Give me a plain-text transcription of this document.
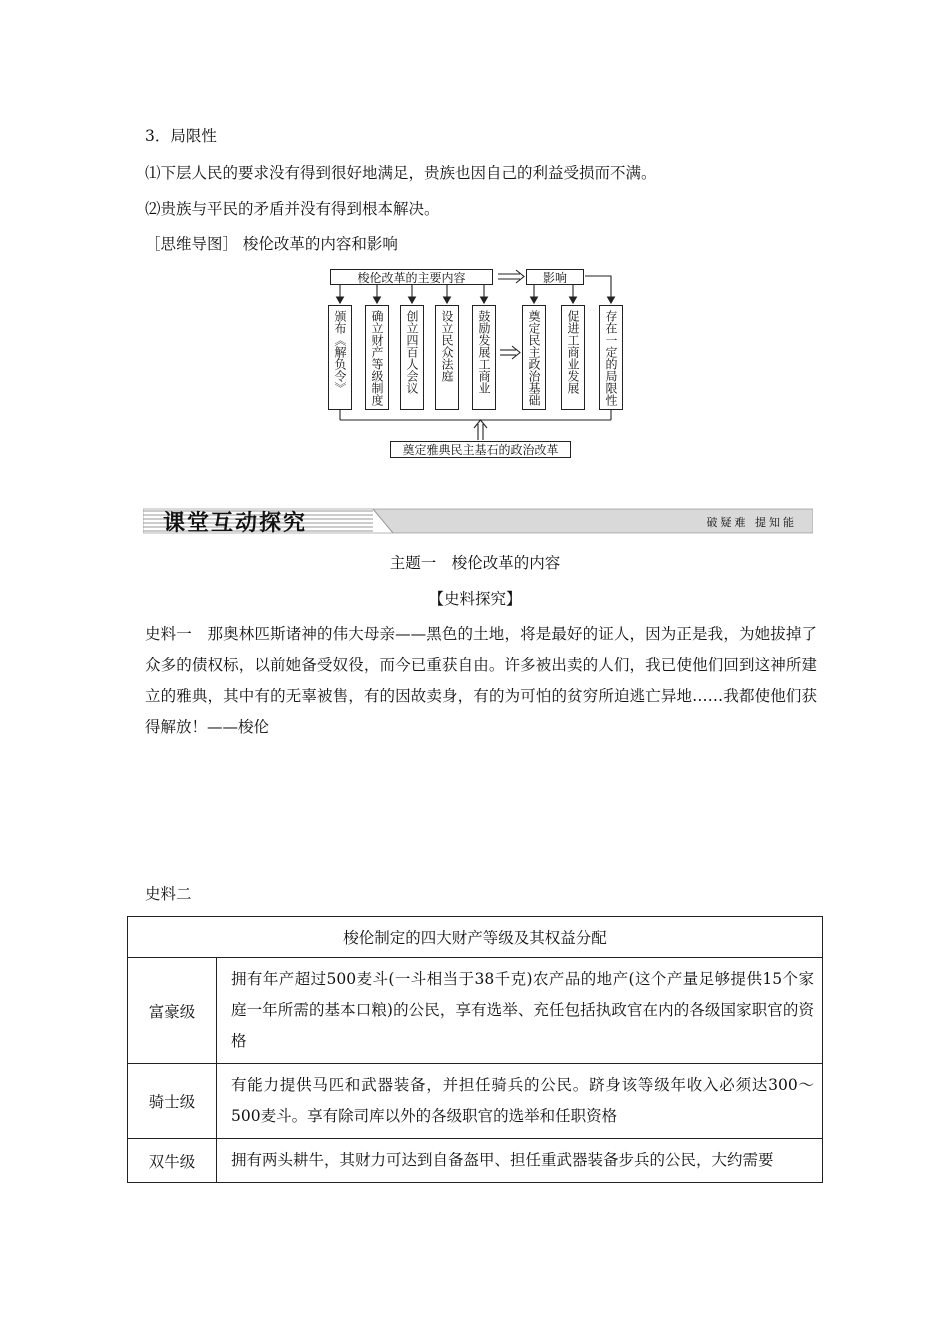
3．局限性
⑴下层人民的要求没有得到很好地满足，贵族也因自己的利益受损而不满。
⑵贵族与平民的矛盾并没有得到根本解决。
［思维导图］ 梭伦改革的内容和影响
梭伦改革的主要内容	影响
颁布《解负令》	确立财产等级制度	创立四百人会议	设立民众法庭	鼓励发展工商业	奠定民主政治基础	促进工商业发展	存在一定的局限性
奠定雅典民主基石的政治改革
课堂互动探究	破疑难 提知能
主题一　梭伦改革的内容
【史料探究】
史料一　那奥林匹斯诸神的伟大母亲——黑色的土地，将是最好的证人，因为正是我，为她拔掉了众多的债权标，以前她备受奴役，而今已重获自由。许多被出卖的人们，我已使他们回到这神所建立的雅典，其中有的无辜被售，有的因故卖身，有的为可怕的贫穷所迫逃亡异地……我都使他们获得解放！——梭伦
史料二
梭伦制定的四大财产等级及其权益分配	
富豪级	拥有年产超过500麦斗(一斗相当于38千克)农产品的地产(这个产量足够提供15个家庭一年所需的基本口粮)的公民，享有选举、充任包括执政官在内的各级国家职官的资格
骑士级	有能力提供马匹和武器装备，并担任骑兵的公民。跻身该等级年收入必须达300～500麦斗。享有除司库以外的各级职官的选举和任职资格
双牛级	拥有两头耕牛，其财力可达到自备盔甲、担任重武器装备步兵的公民，大约需要
